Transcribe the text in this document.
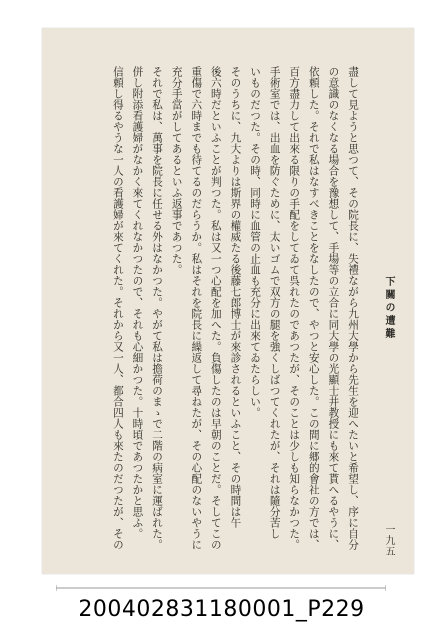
盡して見ようと思つて、その院長に、失禮ながら九州大學から先生を迎へたいと希望し、序に自分

の意識のなくなる場合を豫想して、手場等の立合に同大學の光顯士井教授にも來て貰へるやうに、

依頼した。それで私はなすべきことをなしたので、やつと安心した。この間に郷的會社の方では、

百方盡力して出來る限りの手配をしてゐて呉れたのであつたが、そのことは少しも知らなかつた。

手術室では、出血を防ぐために、太いゴムで双方の腿を強くしばつてくれたが、それは隨分苦し

いものだつた。その時、同時に血管の止血も充分に出來てゐたらしい。

そのうちに、九大よりは斯界の權威たる後藤七郎博士が來診されるといふこと、その時間は午

後六時だといふことが判つた。私は又一つ心配を加へた。負傷したのは早朝のことだ。そしてこの

重傷で六時までも待てるのだらうか。私はそれを院長に繰返して尋ねたが、その心配のないやうに

充分手當がしてあるといふ返事であつた。

それで私は、萬事を院長に任せる外はなかつた。やがて私は擔荷のまゝで二階の病室に運ばれた。

併し附添看護婦がなかく來てくれなかつたので、それも心細かつた。十時頃であつたかと思ふ。

信頼し得るやうな一人の看護婦が來てくれた。それから又一人、都合四人も來たのだつたが、その	下關の遭難
一九五
200402831180001_P229
